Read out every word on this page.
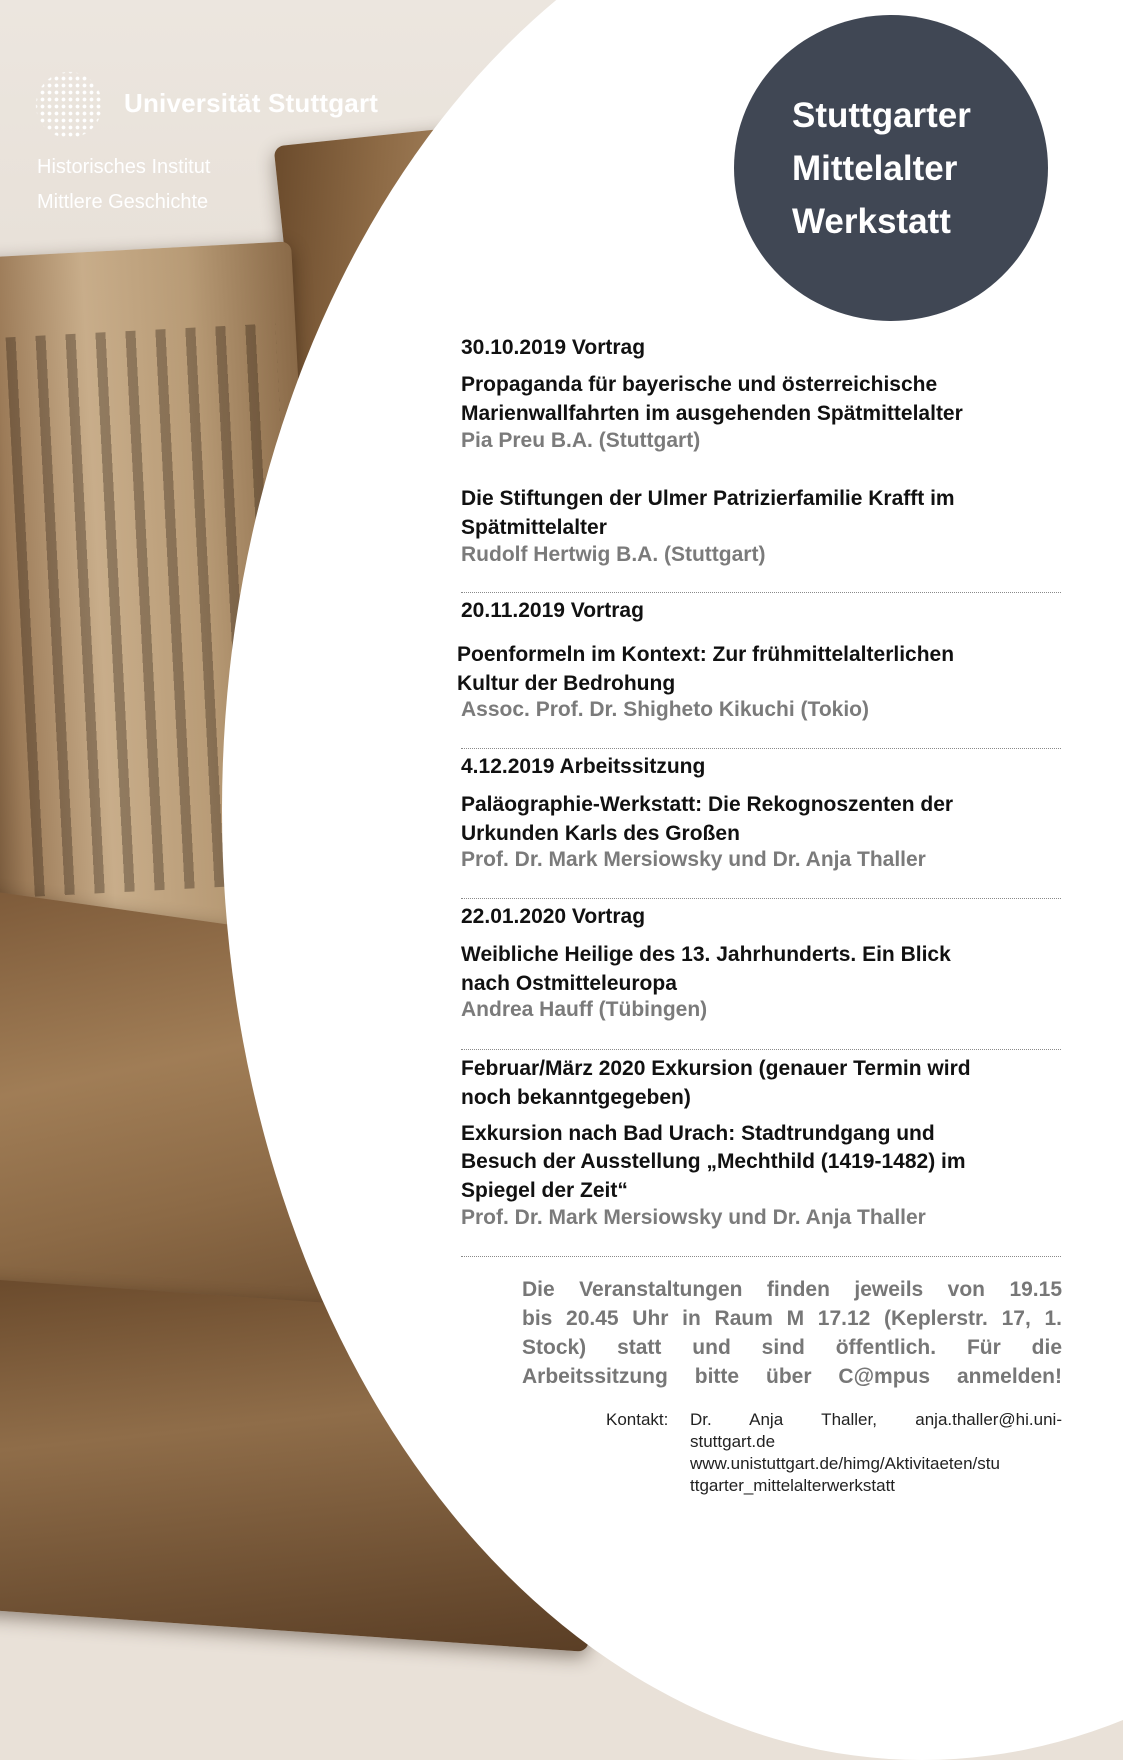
Universität Stuttgart
Historisches Institut
Mittlere Geschichte
Stuttgarter
Mittelalter
Werkstatt
30.10.2019 Vortrag
Propaganda für bayerische und österreichische
Marienwallfahrten im ausgehenden Spätmittelalter
Pia Preu B.A. (Stuttgart)
Die Stiftungen der Ulmer Patrizierfamilie Krafft im
Spätmittelalter
Rudolf Hertwig B.A. (Stuttgart)
20.11.2019 Vortrag
Poenformeln im Kontext: Zur frühmittelalterlichen
Kultur der Bedrohung
Assoc. Prof. Dr. Shigheto Kikuchi (Tokio)
4.12.2019 Arbeitssitzung
Paläographie-Werkstatt: Die Rekognoszenten der
Urkunden Karls des Großen
Prof. Dr. Mark Mersiowsky und Dr. Anja Thaller
22.01.2020 Vortrag
Weibliche Heilige des 13. Jahrhunderts. Ein Blick
nach Ostmitteleuropa
Andrea Hauff (Tübingen)
Februar/März 2020 Exkursion (genauer Termin wird
noch bekanntgegeben)
Exkursion nach Bad Urach: Stadtrundgang und
Besuch der Ausstellung „Mechthild (1419-1482) im
Spiegel der Zeit“
Prof. Dr. Mark Mersiowsky und Dr. Anja Thaller
Die Veranstaltungen finden jeweils von 19.15
bis 20.45 Uhr in Raum M 17.12 (Keplerstr. 17, 1.
Stock) statt und sind öffentlich. Für die
Arbeitssitzung bitte über C@mpus anmelden!
Kontakt: Dr. Anja Thaller, anja.thaller@hi.uni-
stuttgart.de
www.unistuttgart.de/himg/Aktivitaeten/stu
ttgarter_mittelalterwerkstatt
